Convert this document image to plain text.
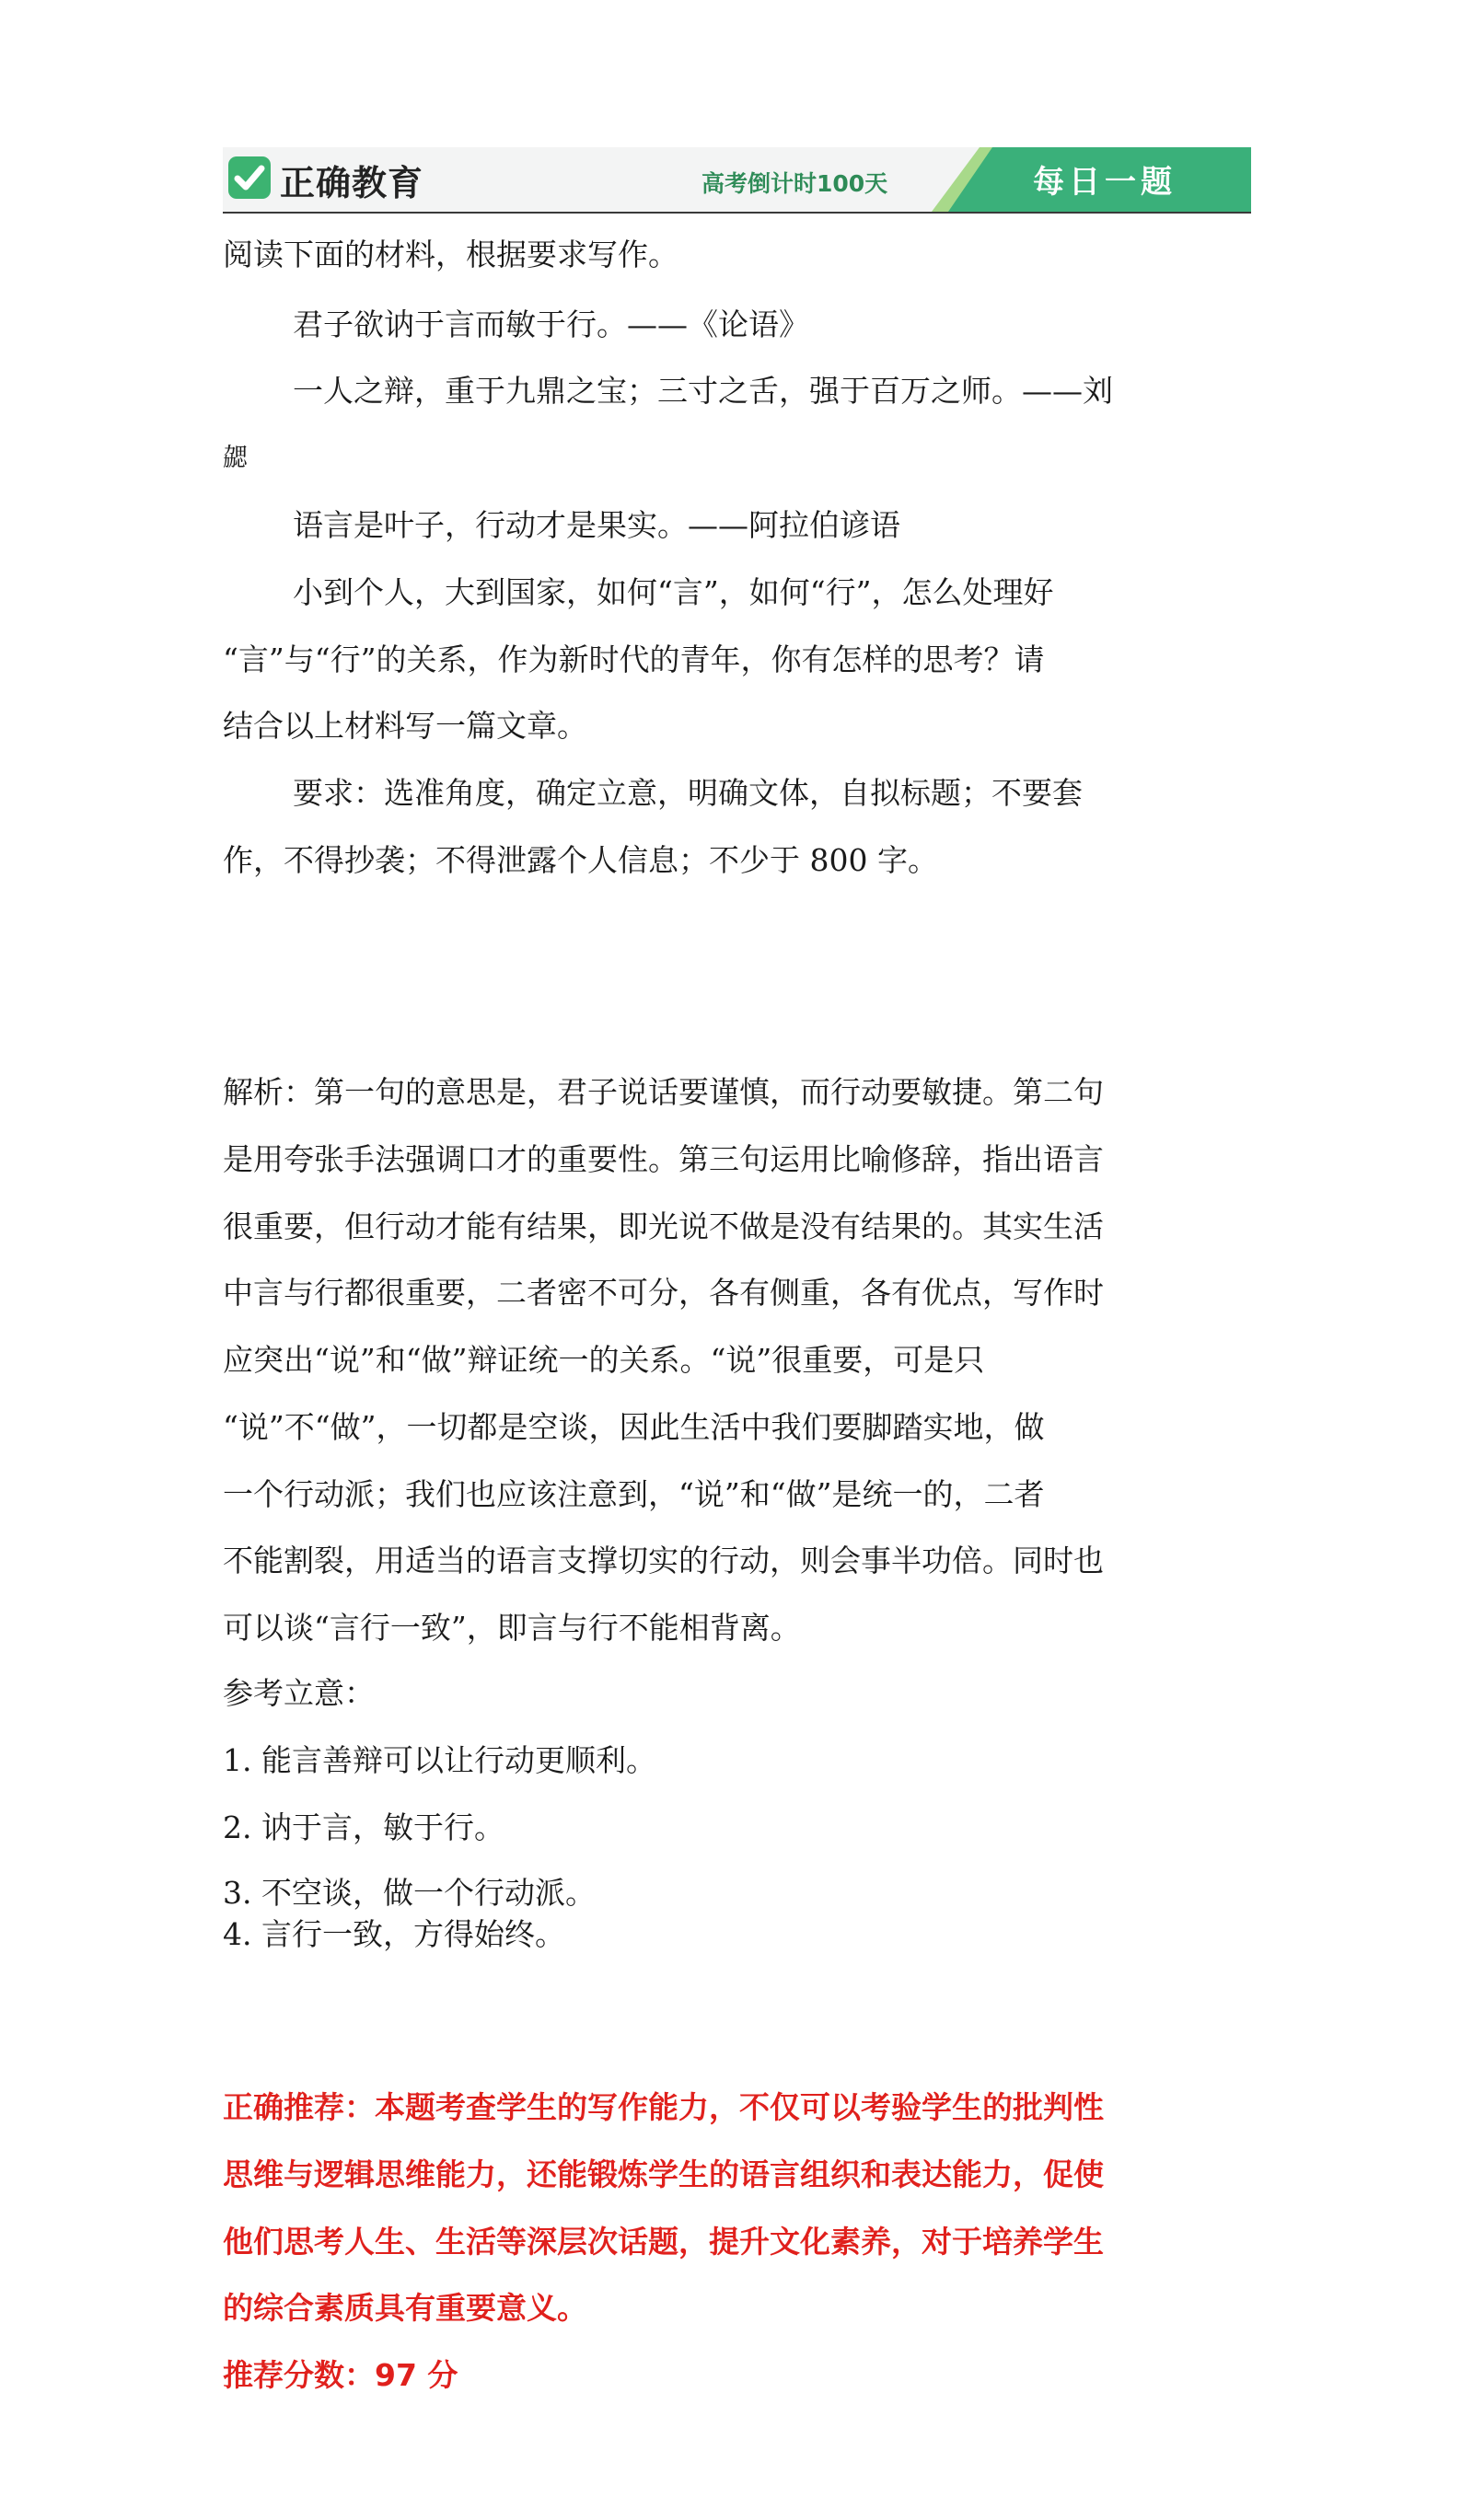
正确教育	高考倒计时100天	每日一题
阅读下面的材料，根据要求写作。
君子欲讷于言而敏于行。——《论语》
一人之辩，重于九鼎之宝；三寸之舌，强于百万之师。——刘
勰
语言是叶子，行动才是果实。——阿拉伯谚语
小到个人，大到国家，如何“言”，如何“行”，怎么处理好
“言”与“行”的关系，作为新时代的青年，你有怎样的思考？请
结合以上材料写一篇文章。
要求：选准角度，确定立意，明确文体，自拟标题；不要套
作，不得抄袭；不得泄露个人信息；不少于 800 字。
解析：第一句的意思是，君子说话要谨慎，而行动要敏捷。第二句
是用夸张手法强调口才的重要性。第三句运用比喻修辞，指出语言
很重要，但行动才能有结果，即光说不做是没有结果的。其实生活
中言与行都很重要，二者密不可分，各有侧重，各有优点，写作时
应突出“说”和“做”辩证统一的关系。“说”很重要，可是只
“说”不“做”，一切都是空谈，因此生活中我们要脚踏实地，做
一个行动派；我们也应该注意到，“说”和“做”是统一的，二者
不能割裂，用适当的语言支撑切实的行动，则会事半功倍。同时也
可以谈“言行一致”，即言与行不能相背离。
参考立意：
1. 能言善辩可以让行动更顺利。
2. 讷于言，敏于行。
3. 不空谈，做一个行动派。
4. 言行一致，方得始终。
正确推荐：本题考查学生的写作能力，不仅可以考验学生的批判性
思维与逻辑思维能力，还能锻炼学生的语言组织和表达能力，促使
他们思考人生、生活等深层次话题，提升文化素养，对于培养学生
的综合素质具有重要意义。
推荐分数：97 分
